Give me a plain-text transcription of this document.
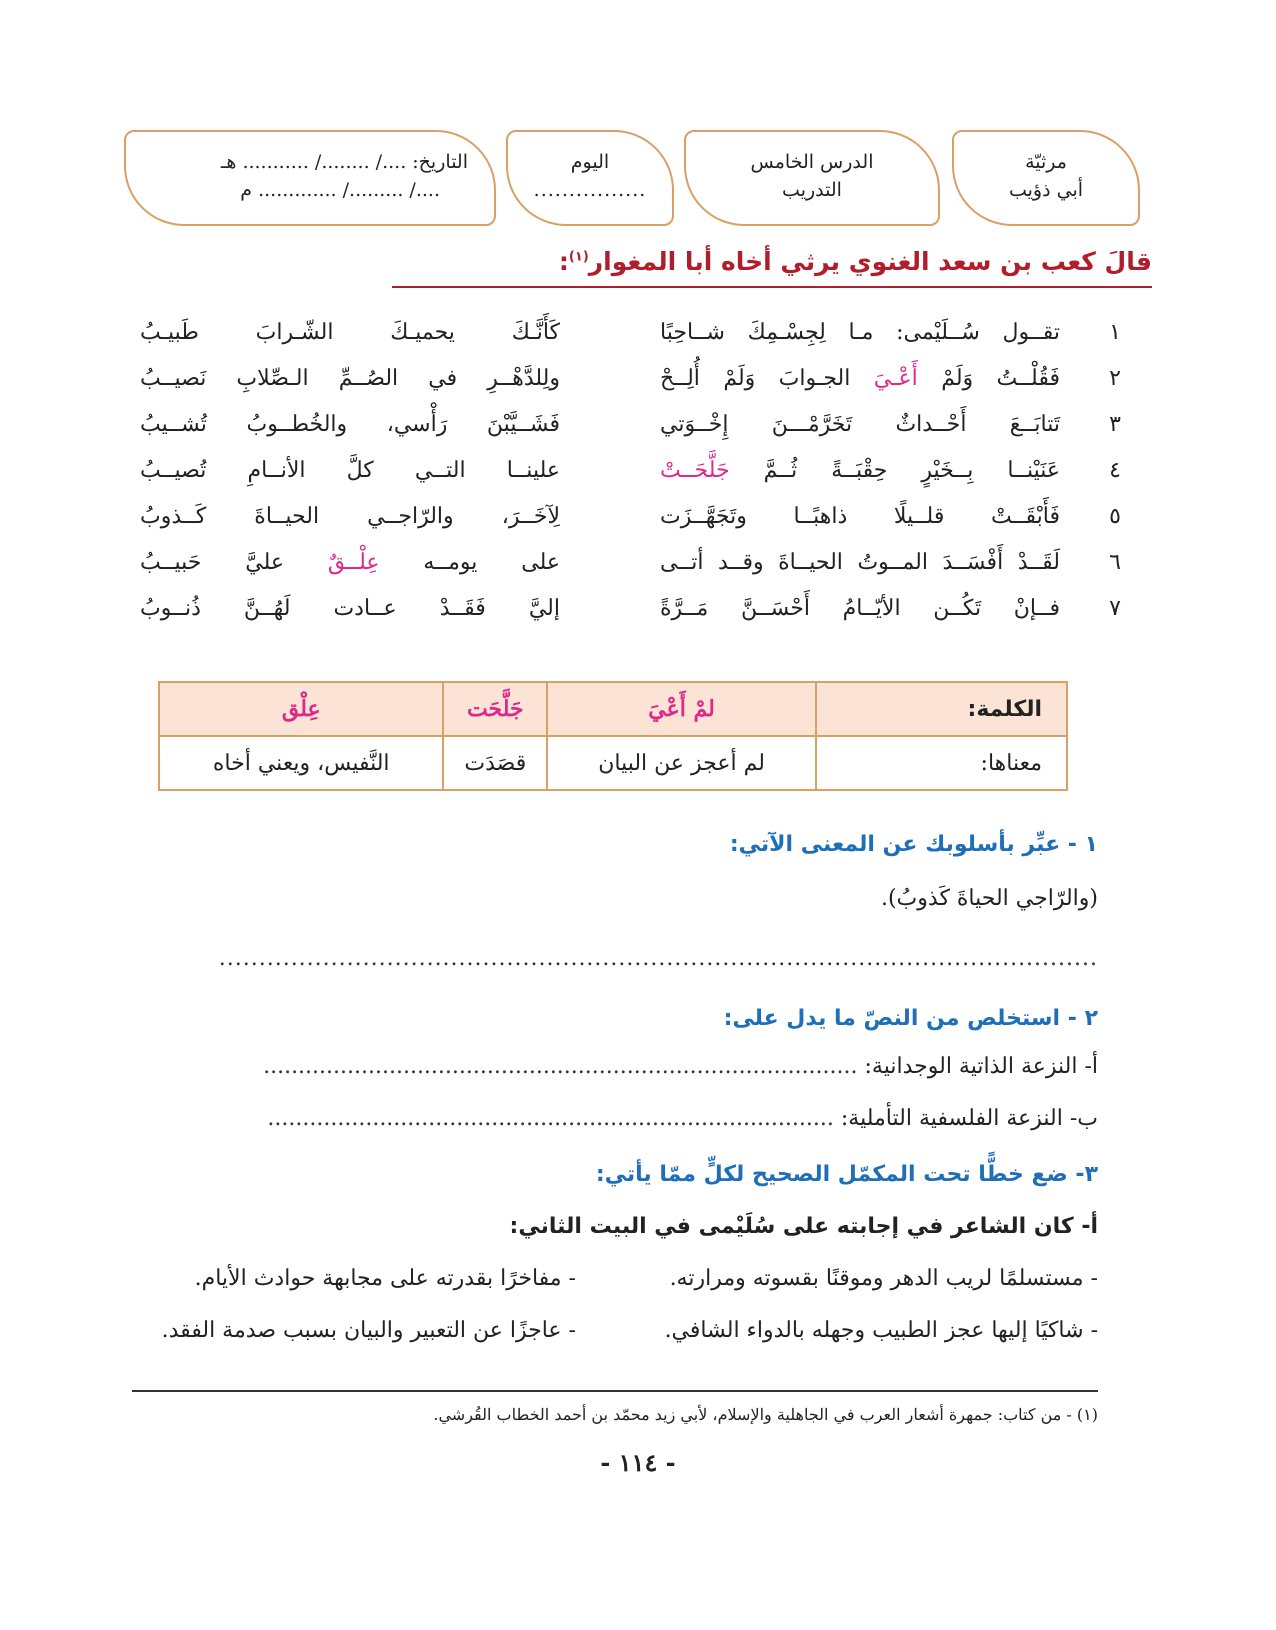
مرثيّة
أبي ذؤيب
الدرس الخامس
التدريب
اليوم
................
التاريخ: ..../ ......../ ........... هـ
..../ ........./ ............. م
قالَ كعب بن سعد الغنوي يرثي أخاه أبا المغوار$^{(١)}$:
١
تقــول سُــلَيْمى: مـا لِجِسْـمِكَ شــاحِبًا
كَأَنَّـكَ يحميـكَ الشّـرابَ طَبيـبُ
٢
فَقُلْــتُ وَلَمْ أَعْـيَ الجـوابَ وَلَمْ أُلِــحْ
ولِلدَّهْــرِ في الصُــمِّ الـصِّلابِ نَصيــبُ
٣
تَتابَــعَ أَحْــداثٌ تَخَرَّمْـــنَ إِخْــوَتي
فَشَــيَّبْنَ رَأْسي، والخُطــوبُ تُشــيبُ
٤
عَنَيْنــا بِــخَيْرٍ حِقْبَــةً ثُــمَّ جَلَّحَــتْ
علينــا التــي كلَّ الأنــامِ تُصيــبُ
٥
فَأَبْقَــتْ قلــيلًا ذاهبًــا وتَجَهَّــزَت
لِآخَــرَ، والرّاجــي الحيــاةَ كَــذوبُ
٦
لَقَــدْ أَفْسَــدَ المــوتُ الحيــاةَ وقــد أتــى
على يومــه عِلْــقٌ عليَّ حَبيــبُ
٧
فــإنْ تَكُــن الأيّــامُ أَحْسَــنَّ مَــرَّةً
إليَّ فَقَــدْ عــادت لَهُــنَّ ذُنــوبُ
الكلمة:	لمْ أَعْيَ	جَلَّحَت	عِلْق
معناها:	لم أعجز عن البيان	قصَدَت	النَّفيس، ويعني أخاه
١ - عبِّر بأسلوبك عن المعنى الآتي:
(والرّاجي الحياةَ كَذوبُ).
..............................................................................................................
٢ - استخلص من النصّ ما يدل على:
أ- النزعة الذاتية الوجدانية: .....................................................................................
ب- النزعة الفلسفية التأملية: .................................................................................
٣- ضع خطًّا تحت المكمّل الصحيح لكلٍّ ممّا يأتي:
أ- كان الشاعر في إجابته على سُلَيْمى في البيت الثاني:
- مستسلمًا لريب الدهر وموقنًا بقسوته ومرارته.
- مفاخرًا بقدرته على مجابهة حوادث الأيام.
- شاكيًا إليها عجز الطبيب وجهله بالدواء الشافي.
- عاجزًا عن التعبير والبيان بسبب صدمة الفقد.
(١) - من كتاب: جمهرة أشعار العرب في الجاهلية والإسلام، لأبي زيد محمّد بن أحمد الخطاب القُرشي.
- ١١٤ -
